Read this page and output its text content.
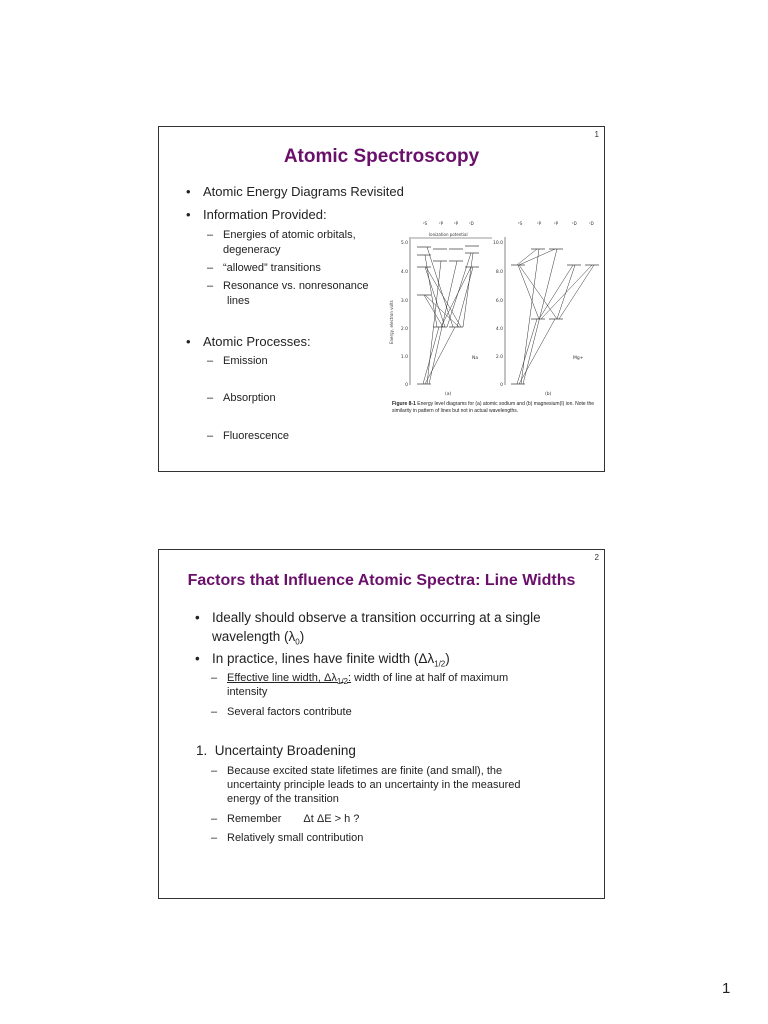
1
Atomic Spectroscopy
• Atomic Energy Diagrams Revisited
• Information Provided:
– Energies of atomic orbitals,
degeneracy
– “allowed” transitions
– Resonance vs. nonresonance
lines
• Atomic Processes:
– Emission
– Absorption
– Fluorescence
²S	²P	²P	²D	²S	²P	²P	²D	²D
5.0
4.0
3.0
2.0
1.0
0
Energy, electron volts
Ionization potential
Na
(a)
10.0
8.0
6.0
4.0
2.0
0
Mg+
(b)
Figure 8-1 Energy level diagrams for (a) atomic sodium and (b) magnesium(I) ion. Note the similarity in pattern of lines but not in actual wavelengths.
2
Factors that Influence Atomic Spectra: Line Widths
• Ideally should observe a transition occurring at a single
wavelength $(\lambda_0)$
• In practice, lines have finite width $(\Delta\lambda_{1/2})$
– Effective line width, $\Delta\lambda_{1/2}$: width of line at half of maximum
intensity
– Several factors contribute
1. Uncertainty Broadening
– Because excited state lifetimes are finite (and small), the
uncertainty principle leads to an uncertainty in the measured
energy of the transition
– Remember Δt ΔE > h ?
– Relatively small contribution
1
